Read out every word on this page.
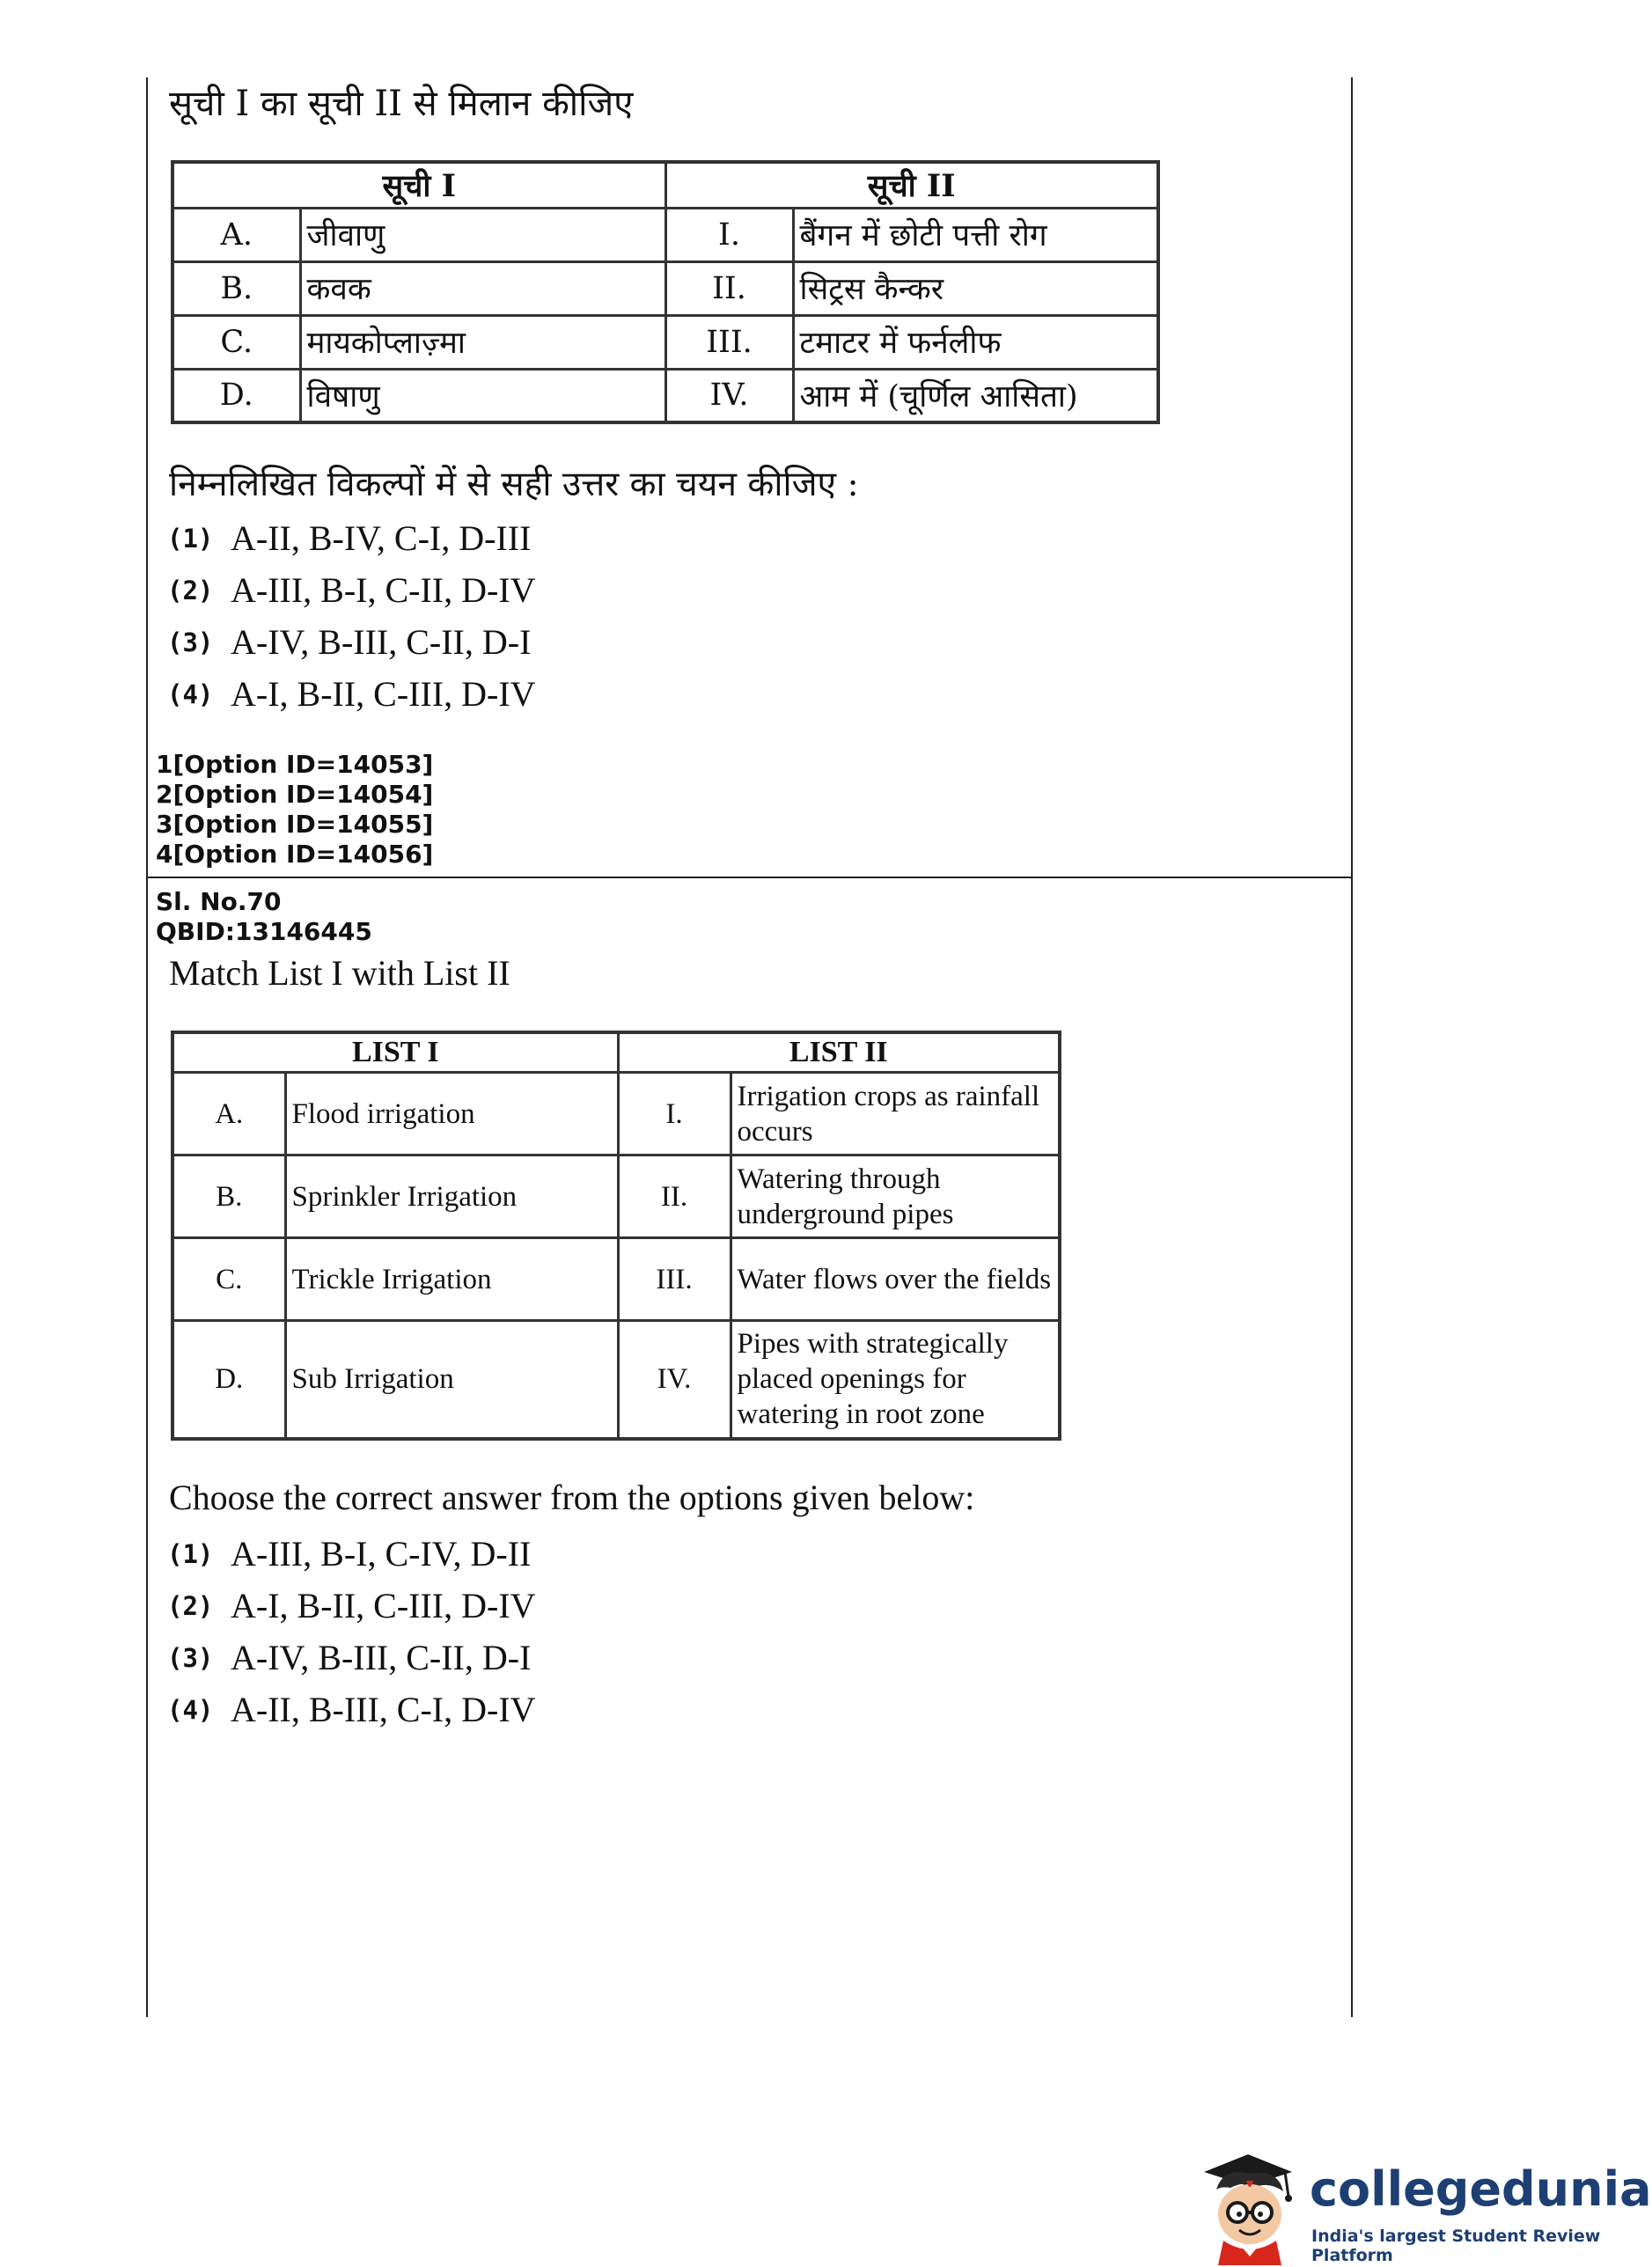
सूची I का सूची II से मिलान कीजिए
सूची I		सूची II	
A.	जीवाणु	I.	बैंगन में छोटी पत्ती रोग
B.	कवक	II.	सिट्रस कैन्कर
C.	मायकोप्लाज़्मा	III.	टमाटर में फर्नलीफ
D.	विषाणु	IV.	आम में (चूर्णिल आसिता)
निम्नलिखित विकल्पों में से सही उत्तर का चयन कीजिए :
(1) A-II, B-IV, C-I, D-III
(2) A-III, B-I, C-II, D-IV
(3) A-IV, B-III, C-II, D-I
(4) A-I, B-II, C-III, D-IV
1[Option ID=14053]
2[Option ID=14054]
3[Option ID=14055]
4[Option ID=14056]
Sl. No.70
QBID:13146445
Match List I with List II
LIST I		LIST II	
A.	Flood irrigation	I.	Irrigation crops as rainfall occurs
B.	Sprinkler Irrigation	II.	Watering through underground pipes
C.	Trickle Irrigation	III.	Water flows over the fields
D.	Sub Irrigation	IV.	Pipes with strategically placed openings for watering in root zone
Choose the correct answer from the options given below:
(1) A-III, B-I, C-IV, D-II
(2) A-I, B-II, C-III, D-IV
(3) A-IV, B-III, C-II, D-I
(4) A-II, B-III, C-I, D-IV
collegedunia
India's largest Student Review Platform
